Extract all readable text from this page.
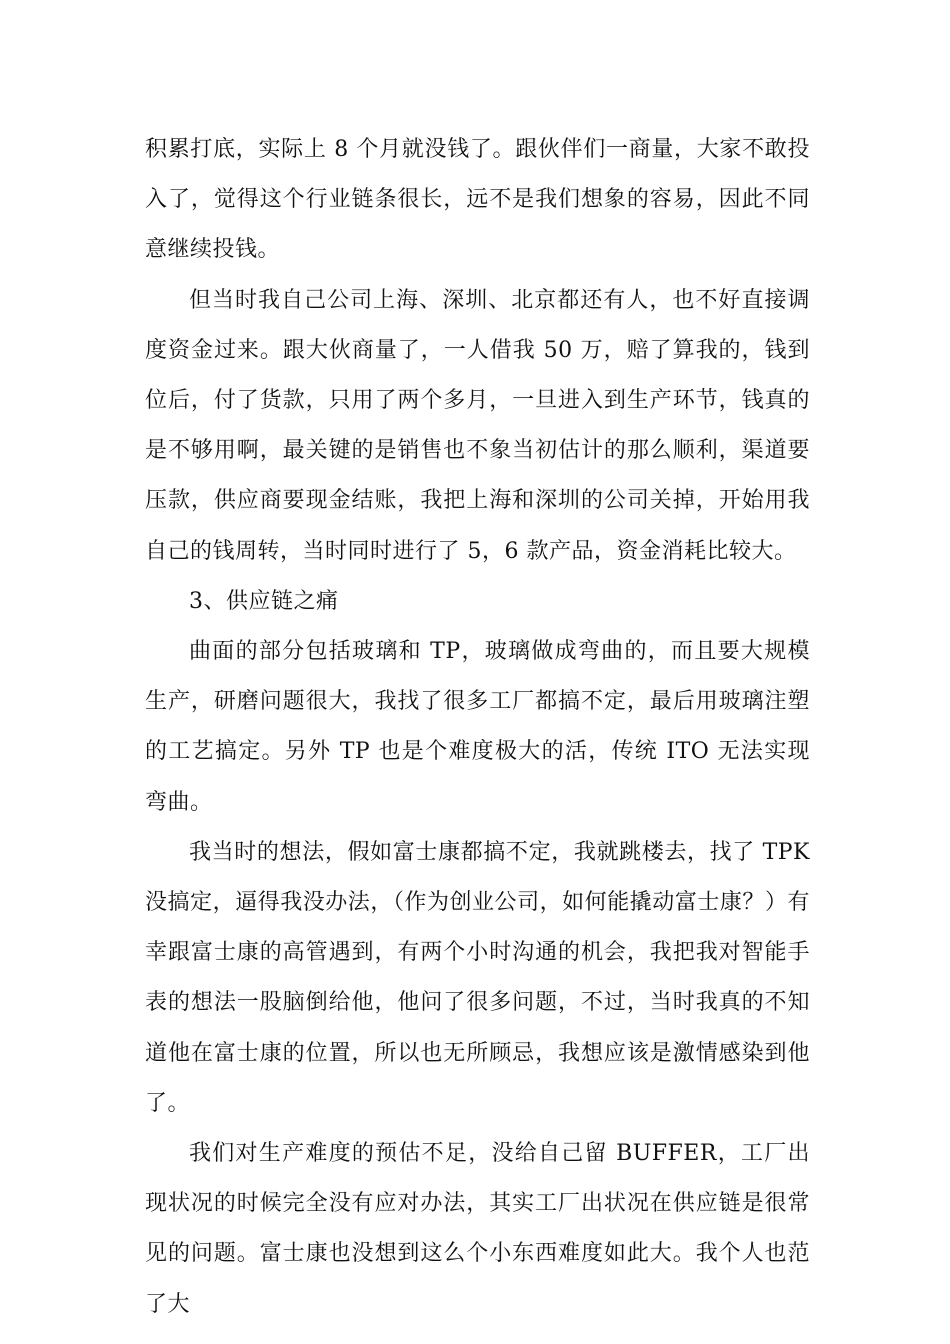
积累打底，实际上 8 个月就没钱了。跟伙伴们一商量，大家不敢投入了，觉得这个行业链条很长，远不是我们想象的容易，因此不同意继续投钱。

但当时我自己公司上海、深圳、北京都还有人，也不好直接调度资金过来。跟大伙商量了，一人借我 50 万，赔了算我的，钱到位后，付了货款，只用了两个多月，一旦进入到生产环节，钱真的是不够用啊，最关键的是销售也不象当初估计的那么顺利，渠道要压款，供应商要现金结账，我把上海和深圳的公司关掉，开始用我自己的钱周转，当时同时进行了 5，6 款产品，资金消耗比较大。

3、供应链之痛

曲面的部分包括玻璃和 TP，玻璃做成弯曲的，而且要大规模生产，研磨问题很大，我找了很多工厂都搞不定，最后用玻璃注塑的工艺搞定。另外 TP 也是个难度极大的活，传统 ITO 无法实现弯曲。

我当时的想法，假如富士康都搞不定，我就跳楼去，找了 TPK 没搞定，逼得我没办法，（作为创业公司，如何能撬动富士康？）有幸跟富士康的高管遇到，有两个小时沟通的机会，我把我对智能手表的想法一股脑倒给他，他问了很多问题，不过，当时我真的不知道他在富士康的位置，所以也无所顾忌，我想应该是激情感染到他了。

我们对生产难度的预估不足，没给自己留 BUFFER，工厂出现状况的时候完全没有应对办法，其实工厂出状况在供应链是很常见的问题。富士康也没想到这么个小东西难度如此大。我个人也范了大
